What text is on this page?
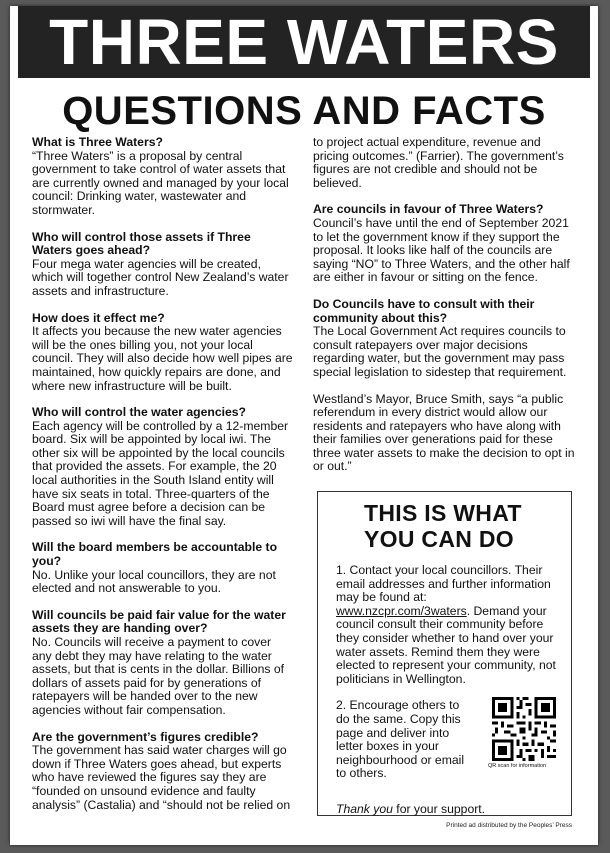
THREE WATERS
QUESTIONS AND FACTS
What is Three Waters?
“Three Waters” is a proposal by central government to take control of water assets that are currently owned and managed by your local council: Drinking water, wastewater and stormwater.
Who will control those assets if Three Waters goes ahead?
Four mega water agencies will be created, which will together control New Zealand’s water assets and infrastructure.
How does it effect me?
It affects you because the new water agencies will be the ones billing you, not your local council. They will also decide how well pipes are maintained, how quickly repairs are done, and where new infrastructure will be built.
Who will control the water agencies?
Each agency will be controlled by a 12-member board. Six will be appointed by local iwi. The other six will be appointed by the local councils that provided the assets. For example, the 20 local authorities in the South Island entity will have six seats in total. Three-quarters of the Board must agree before a decision can be passed so iwi will have the final say.
Will the board members be accountable to you?
No. Unlike your local councillors, they are not elected and not answerable to you.
Will councils be paid fair value for the water assets they are handing over?
No. Councils will receive a payment to cover any debt they may have relating to the water assets, but that is cents in the dollar. Billions of dollars of assets paid for by generations of ratepayers will be handed over to the new agencies without fair compensation.
Are the government’s figures credible?
The government has said water charges will go down if Three Waters goes ahead, but experts who have reviewed the figures say they are “founded on unsound evidence and faulty analysis” (Castalia) and “should not be relied on
to project actual expenditure, revenue and pricing outcomes.” (Farrier). The government’s figures are not credible and should not be believed.
Are councils in favour of Three Waters?
Council’s have until the end of September 2021 to let the government know if they support the proposal. It looks like half of the councils are saying “NO” to Three Waters, and the other half are either in favour or sitting on the fence.
Do Councils have to consult with their community about this?
The Local Government Act requires councils to consult ratepayers over major decisions regarding water, but the government may pass special legislation to sidestep that requirement.
Westland’s Mayor, Bruce Smith, says “a public referendum in every district would allow our residents and ratepayers who have along with their families over generations paid for these three water assets to make the decision to opt in or out.”
THIS IS WHAT
YOU CAN DO
1. Contact your local councillors. Their email addresses and further information may be found at: www.nzcpr.com/3waters. Demand your council consult their community before they consider whether to hand over your water assets. Remind them they were elected to represent your community, not politicians in Wellington.
2. Encourage others to do the same. Copy this page and deliver into letter boxes in your neighbourhood or email to others.	QR scan for information
Thank you for your support.
Printed ad distributed by the Peoples’ Press
